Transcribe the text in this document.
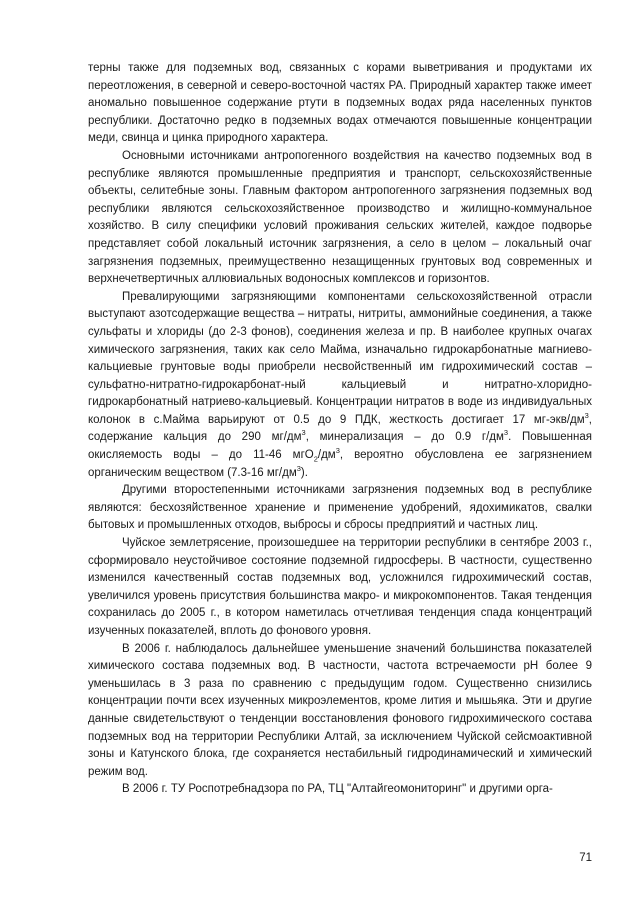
терны также для подземных вод, связанных с корами выветривания и продуктами их переотложения, в северной и северо-восточной частях РА. Природный характер также имеет аномально повышенное содержание ртути в подземных водах ряда населенных пунктов республики. Достаточно редко в подземных водах отмечаются повышенные концентрации меди, свинца и цинка природного характера.

Основными источниками антропогенного воздействия на качество подземных вод в республике являются промышленные предприятия и транспорт, сельскохозяйственные объекты, селитебные зоны. Главным фактором антропогенного загрязнения подземных вод республики являются сельскохозяйственное производство и жилищно-коммунальное хозяйство. В силу специфики условий проживания сельских жителей, каждое подворье представляет собой локальный источник загрязнения, а село в целом – локальный очаг загрязнения подземных, преимущественно незащищенных грунтовых вод современных и верхнечетвертичных аллювиальных водоносных комплексов и горизонтов.

Превалирующими загрязняющими компонентами сельскохозяйственной отрасли выступают азотсодержащие вещества – нитраты, нитриты, аммонийные соединения, а также сульфаты и хлориды (до 2-3 фонов), соединения железа и пр. В наиболее крупных очагах химического загрязнения, таких как село Майма, изначально гидрокарбонатные магниево-кальциевые грунтовые воды приобрели несвойственный им гидрохимический состав – сульфатно-нитратно-гидрокарбонат-ный кальциевый и нитратно-хлоридно-гидрокарбонатный натриево-кальциевый. Концентрации нитратов в воде из индивидуальных колонок в с.Майма варьируют от 0.5 до 9 ПДК, жесткость достигает 17 $мг-экв/дм^3$, содержание кальция до 290 $мг/дм^3$, минерализация – до 0.9 $г/дм^3$. Повышенная окисляемость воды – до 11-46 $мгО_2/дм^3$, вероятно обусловлена ее загрязнением органическим веществом (7.3-16 $мг/дм^3$).

Другими второстепенными источниками загрязнения подземных вод в республике являются: бесхозяйственное хранение и применение удобрений, ядохимикатов, свалки бытовых и промышленных отходов, выбросы и сбросы предприятий и частных лиц.

Чуйское землетрясение, произошедшее на территории республики в сентябре 2003 г., сформировало неустойчивое состояние подземной гидросферы. В частности, существенно изменился качественный состав подземных вод, усложнился гидрохимический состав, увеличился уровень присутствия большинства макро- и микрокомпонентов. Такая тенденция сохранилась до 2005 г., в котором наметилась отчетливая тенденция спада концентраций изученных показателей, вплоть до фонового уровня.

В 2006 г. наблюдалось дальнейшее уменьшение значений большинства показателей химического состава подземных вод. В частности, частота встречаемости pH более 9 уменьшилась в 3 раза по сравнению с предыдущим годом. Существенно снизились концентрации почти всех изученных микроэлементов, кроме лития и мышьяка. Эти и другие данные свидетельствуют о тенденции восстановления фонового гидрохимического состава подземных вод на территории Республики Алтай, за исключением Чуйской сейсмоактивной зоны и Катунского блока, где сохраняется нестабильный гидродинамический и химический режим вод.

В 2006 г. ТУ Роспотребнадзора по РА, ТЦ "Алтайгеомониторинг" и другими орга-

71
